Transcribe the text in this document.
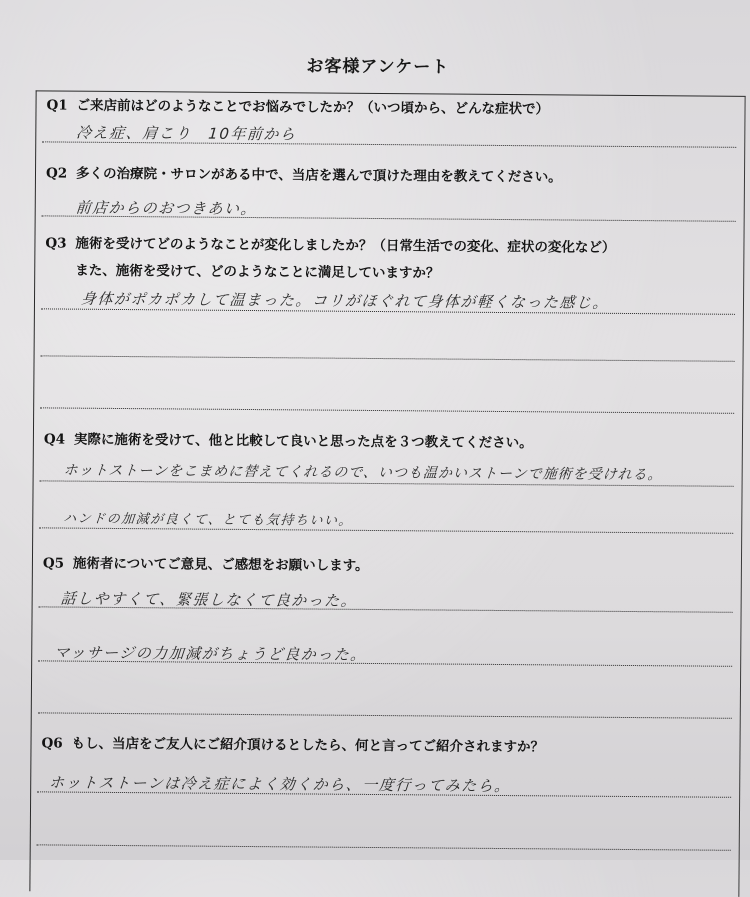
お客様アンケート
Q1 ご来店前はどのようなことでお悩みでしたか？（いつ頃から、どんな症状で）
冷え症、肩こり　10年前から
Q2 多くの治療院・サロンがある中で、当店を選んで頂けた理由を教えてください。
前店からのおつきあい。
Q3 施術を受けてどのようなことが変化しましたか？（日常生活での変化、症状の変化など）
また、施術を受けて、どのようなことに満足していますか？
身体がポカポカして温まった。コリがほぐれて身体が軽くなった感じ。
Q4 実際に施術を受けて、他と比較して良いと思った点を３つ教えてください。
ホットストーンをこまめに替えてくれるので、いつも温かいストーンで施術を受けれる。
ハンドの加減が良くて、とても気持ちいい。
Q5 施術者についてご意見、ご感想をお願いします。
話しやすくて、緊張しなくて良かった。
マッサージの力加減がちょうど良かった。
Q6 もし、当店をご友人にご紹介頂けるとしたら、何と言ってご紹介されますか？
ホットストーンは冷え症によく効くから、一度行ってみたら。
